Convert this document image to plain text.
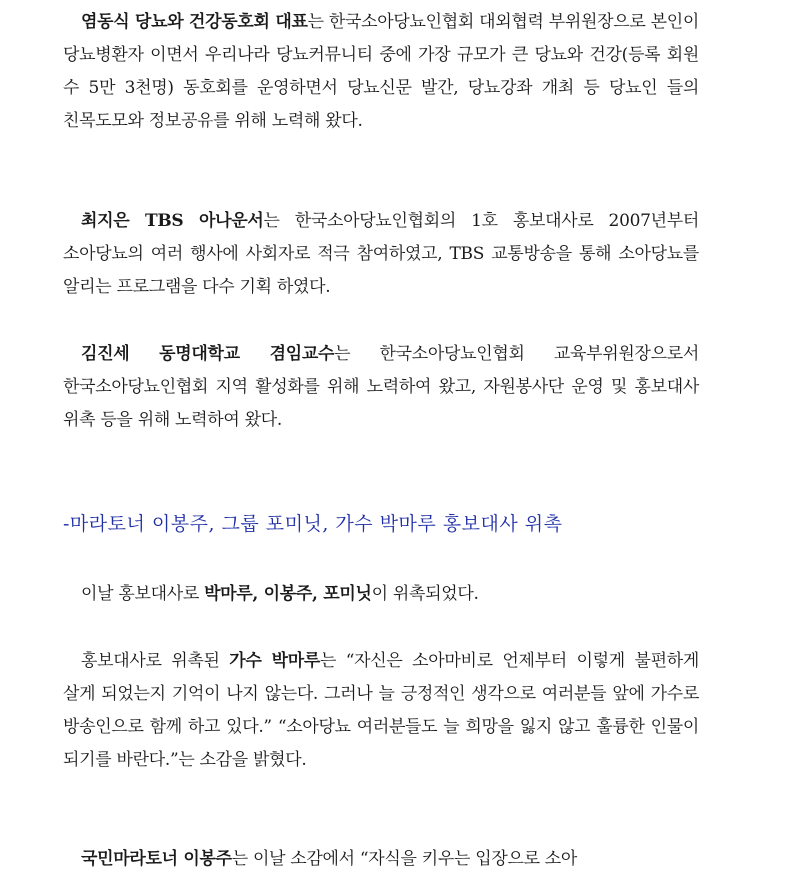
염동식 당뇨와 건강동호회 대표는 한국소아당뇨인협회 대외협력 부위원장으로 본인이 당뇨병환자 이면서 우리나라 당뇨커뮤니티 중에 가장 규모가 큰 당뇨와 건강(등록 회원 수 5만 3천명) 동호회를 운영하면서 당뇨신문 발간, 당뇨강좌 개최 등 당뇨인 들의 친목도모와 정보공유를 위해 노력해 왔다.

최지은 TBS 아나운서는 한국소아당뇨인협회의 1호 홍보대사로 2007년부터 소아당뇨의 여러 행사에 사회자로 적극 참여하였고, TBS 교통방송을 통해 소아당뇨를 알리는 프로그램을 다수 기획 하였다.

김진세 동명대학교 겸임교수는 한국소아당뇨인협회 교육부위원장으로서 한국소아당뇨인협회 지역 활성화를 위해 노력하여 왔고, 자원봉사단 운영 및 홍보대사 위촉 등을 위해 노력하여 왔다.

-마라토너 이봉주, 그룹 포미닛, 가수 박마루 홍보대사 위촉

이날 홍보대사로 박마루, 이봉주, 포미닛이 위촉되었다.

홍보대사로 위촉된 가수 박마루는 “자신은 소아마비로 언제부터 이렇게 불편하게 살게 되었는지 기억이 나지 않는다. 그러나 늘 긍정적인 생각으로 여러분들 앞에 가수로 방송인으로 함께 하고 있다.” “소아당뇨 여러분들도 늘 희망을 잃지 않고 훌륭한 인물이 되기를 바란다.”는 소감을 밝혔다.

국민마라토너 이봉주는 이날 소감에서 “자식을 키우는 입장으로 소아
